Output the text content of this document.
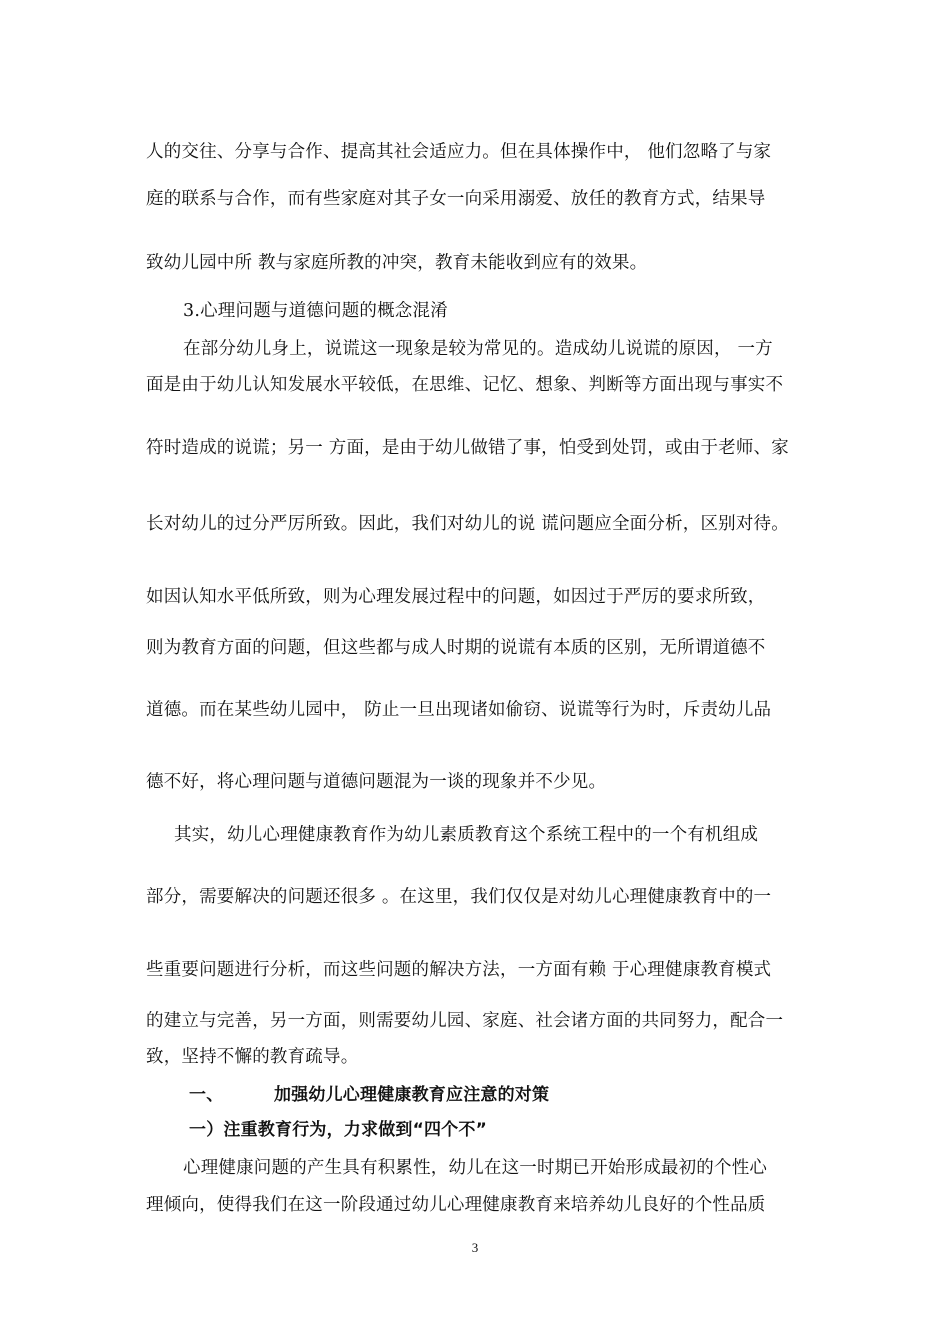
人的交往、分享与合作、提高其社会适应力。但在具体操作中， 他们忽略了与家
庭的联系与合作，而有些家庭对其子女一向采用溺爱、放任的教育方式，结果导
致幼儿园中所 教与家庭所教的冲突，教育未能收到应有的效果。
3.心理问题与道德问题的概念混淆
在部分幼儿身上，说谎这一现象是较为常见的。造成幼儿说谎的原因， 一方
面是由于幼儿认知发展水平较低，在思维、记忆、想象、判断等方面出现与事实不
符时造成的说谎；另一 方面，是由于幼儿做错了事，怕受到处罚，或由于老师、家
长对幼儿的过分严厉所致。因此，我们对幼儿的说 谎问题应全面分析，区别对待。
如因认知水平低所致，则为心理发展过程中的问题，如因过于严厉的要求所致，
则为教育方面的问题，但这些都与成人时期的说谎有本质的区别，无所谓道德不
道德。而在某些幼儿园中， 防止一旦出现诸如偷窃、说谎等行为时，斥责幼儿品
德不好，将心理问题与道德问题混为一谈的现象并不少见。
其实，幼儿心理健康教育作为幼儿素质教育这个系统工程中的一个有机组成
部分，需要解决的问题还很多 。在这里，我们仅仅是对幼儿心理健康教育中的一
些重要问题进行分析，而这些问题的解决方法，一方面有赖 于心理健康教育模式
的建立与完善，另一方面，则需要幼儿园、家庭、社会诸方面的共同努力，配合一
致，坚持不懈的教育疏导。
一、	加强幼儿心理健康教育应注意的对策
一）注重教育行为，力求做到“四个不”
心理健康问题的产生具有积累性，幼儿在这一时期已开始形成最初的个性心
理倾向，使得我们在这一阶段通过幼儿心理健康教育来培养幼儿良好的个性品质
3
